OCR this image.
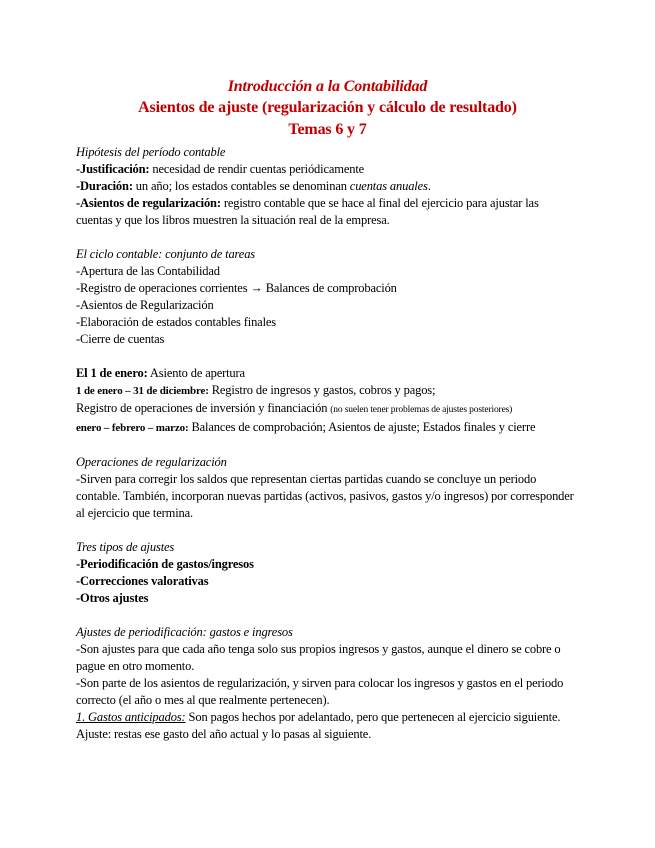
Introducción a la Contabilidad
Asientos de ajuste (regularización y cálculo de resultado)
Temas 6 y 7
Hipótesis del período contable
-Justificación: necesidad de rendir cuentas periódicamente
-Duración: un año; los estados contables se denominan cuentas anuales.
-Asientos de regularización: registro contable que se hace al final del ejercicio para ajustar las cuentas y que los libros muestren la situación real de la empresa.
El ciclo contable: conjunto de tareas
-Apertura de las Contabilidad
-Registro de operaciones corrientes → Balances de comprobación
-Asientos de Regularización
-Elaboración de estados contables finales
-Cierre de cuentas
El 1 de enero: Asiento de apertura
1 de enero – 31 de diciembre: Registro de ingresos y gastos, cobros y pagos;
Registro de operaciones de inversión y financiación (no suelen tener problemas de ajustes posteriores)
enero – febrero – marzo: Balances de comprobación; Asientos de ajuste; Estados finales y cierre
Operaciones de regularización
-Sirven para corregir los saldos que representan ciertas partidas cuando se concluye un periodo contable. También, incorporan nuevas partidas (activos, pasivos, gastos y/o ingresos) por corresponder al ejercicio que termina.
Tres tipos de ajustes
-Periodificación de gastos/ingresos
-Correcciones valorativas
-Otros ajustes
Ajustes de periodificación: gastos e ingresos
-Son ajustes para que cada año tenga solo sus propios ingresos y gastos, aunque el dinero se cobre o pague en otro momento.
-Son parte de los asientos de regularización, y sirven para colocar los ingresos y gastos en el periodo correcto (el año o mes al que realmente pertenecen).
1. Gastos anticipados: Son pagos hechos por adelantado, pero que pertenecen al ejercicio siguiente. Ajuste: restas ese gasto del año actual y lo pasas al siguiente.
